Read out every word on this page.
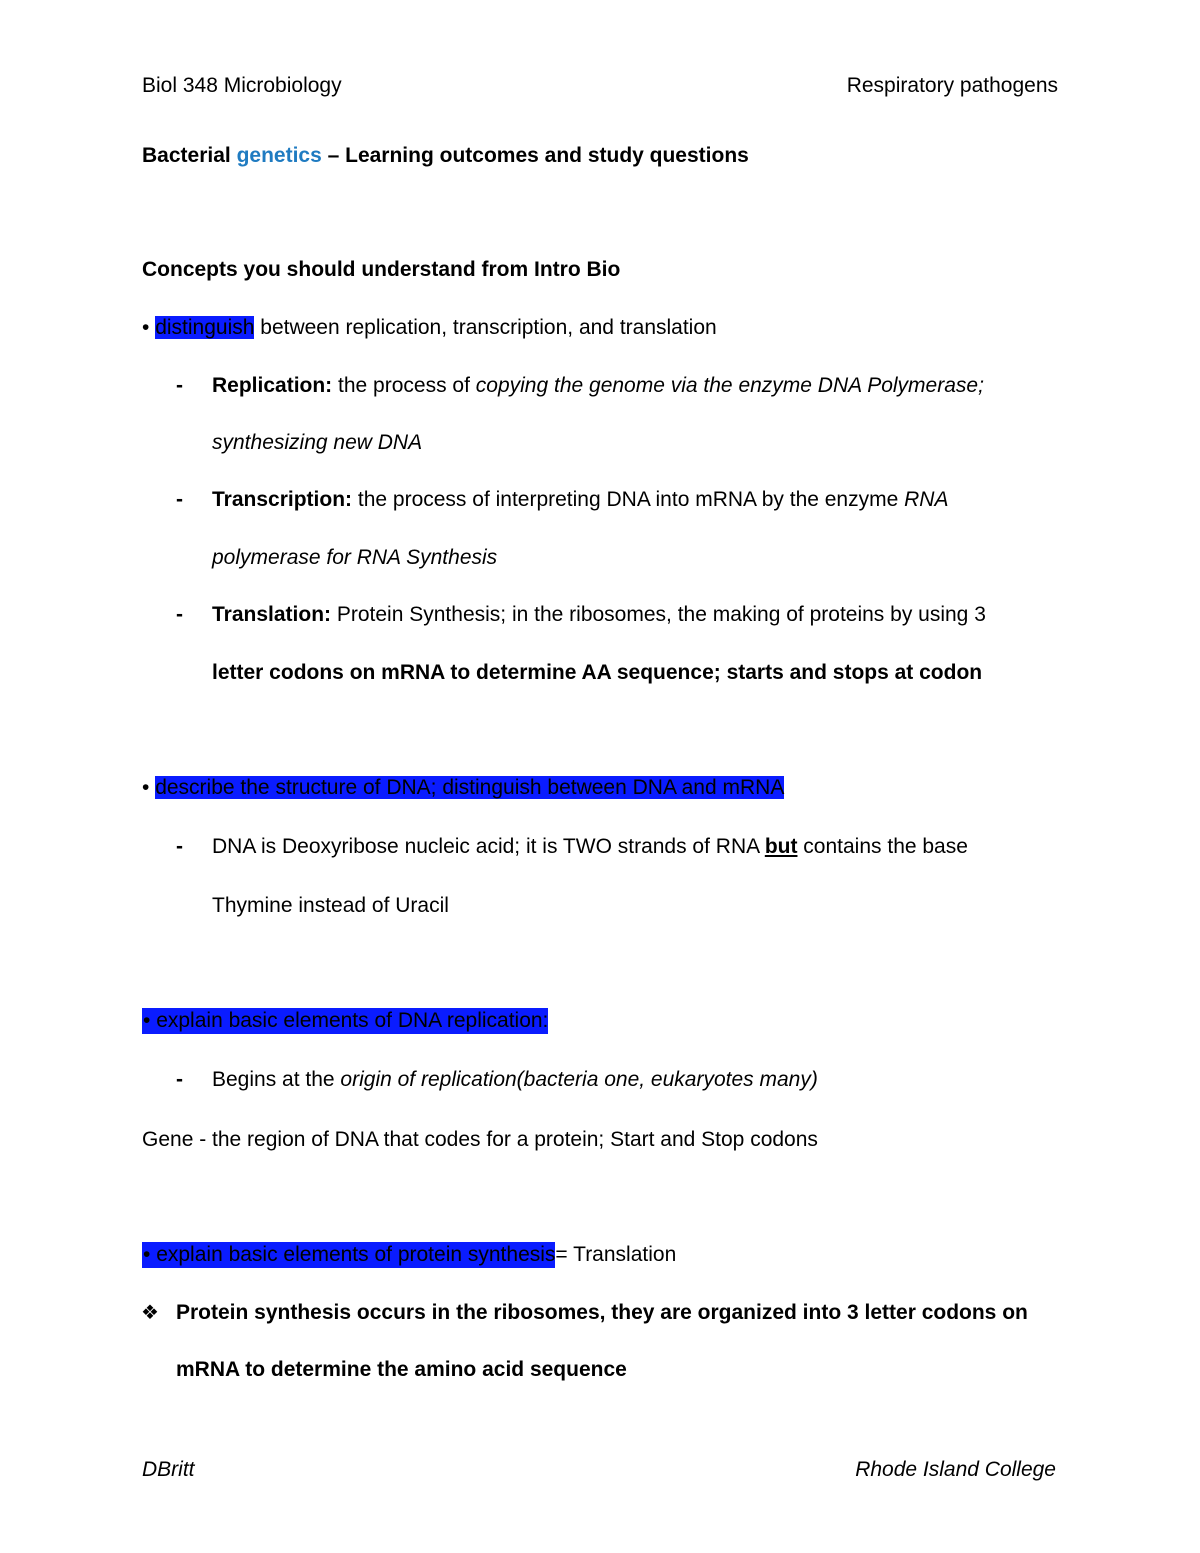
Biol 348 Microbiology	Respiratory pathogens
Bacterial genetics – Learning outcomes and study questions
Concepts you should understand from Intro Bio
• distinguish between replication, transcription, and translation
- Replication: the process of copying the genome via the enzyme DNA Polymerase;
synthesizing new DNA
- Transcription: the process of interpreting DNA into mRNA by the enzyme RNA
polymerase for RNA Synthesis
- Translation: Protein Synthesis; in the ribosomes, the making of proteins by using 3
letter codons on mRNA to determine AA sequence; starts and stops at codon
• describe the structure of DNA; distinguish between DNA and mRNA
- DNA is Deoxyribose nucleic acid; it is TWO strands of RNA but contains the base
Thymine instead of Uracil
• explain basic elements of DNA replication:
- Begins at the origin of replication(bacteria one, eukaryotes many)
Gene - the region of DNA that codes for a protein; Start and Stop codons
• explain basic elements of protein synthesis= Translation
❖ Protein synthesis occurs in the ribosomes, they are organized into 3 letter codons on
mRNA to determine the amino acid sequence
DBritt	Rhode Island College
